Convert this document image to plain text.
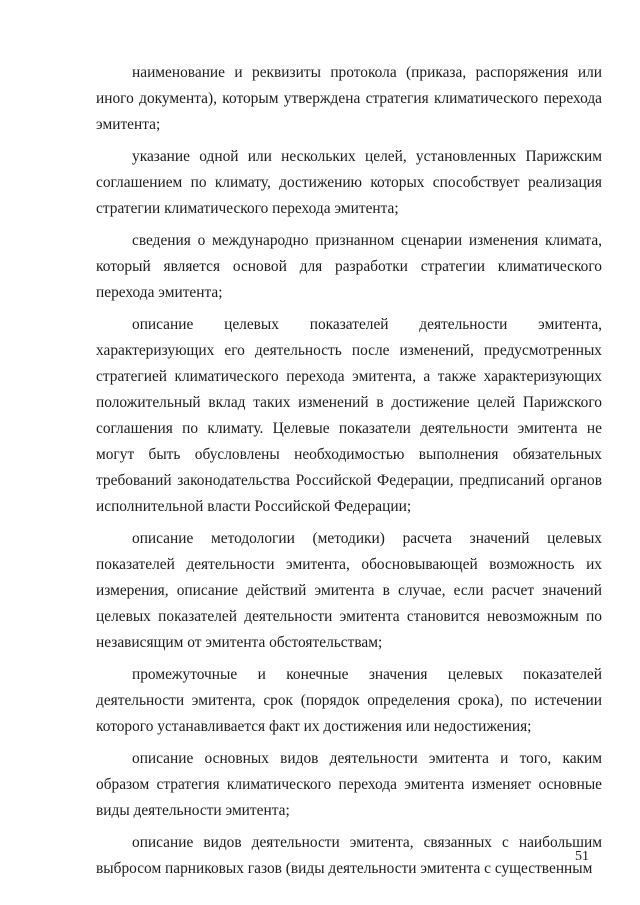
наименование и реквизиты протокола (приказа, распоряжения или иного документа), которым утверждена стратегия климатического перехода эмитента;

указание одной или нескольких целей, установленных Парижским соглашением по климату, достижению которых способствует реализация стратегии климатического перехода эмитента;

сведения о международно признанном сценарии изменения климата, который является основой для разработки стратегии климатического перехода эмитента;

описание целевых показателей деятельности эмитента, характеризующих его деятельность после изменений, предусмотренных стратегией климатического перехода эмитента, а также характеризующих положительный вклад таких изменений в достижение целей Парижского соглашения по климату. Целевые показатели деятельности эмитента не могут быть обусловлены необходимостью выполнения обязательных требований законодательства Российской Федерации, предписаний органов исполнительной власти Российской Федерации;

описание методологии (методики) расчета значений целевых показателей деятельности эмитента, обосновывающей возможность их измерения, описание действий эмитента в случае, если расчет значений целевых показателей деятельности эмитента становится невозможным по независящим от эмитента обстоятельствам;

промежуточные и конечные значения целевых показателей деятельности эмитента, срок (порядок определения срока), по истечении которого устанавливается факт их достижения или недостижения;

описание основных видов деятельности эмитента и того, каким образом стратегия климатического перехода эмитента изменяет основные виды деятельности эмитента;

описание видов деятельности эмитента, связанных с наибольшим выбросом парниковых газов (виды деятельности эмитента с существенным

51
